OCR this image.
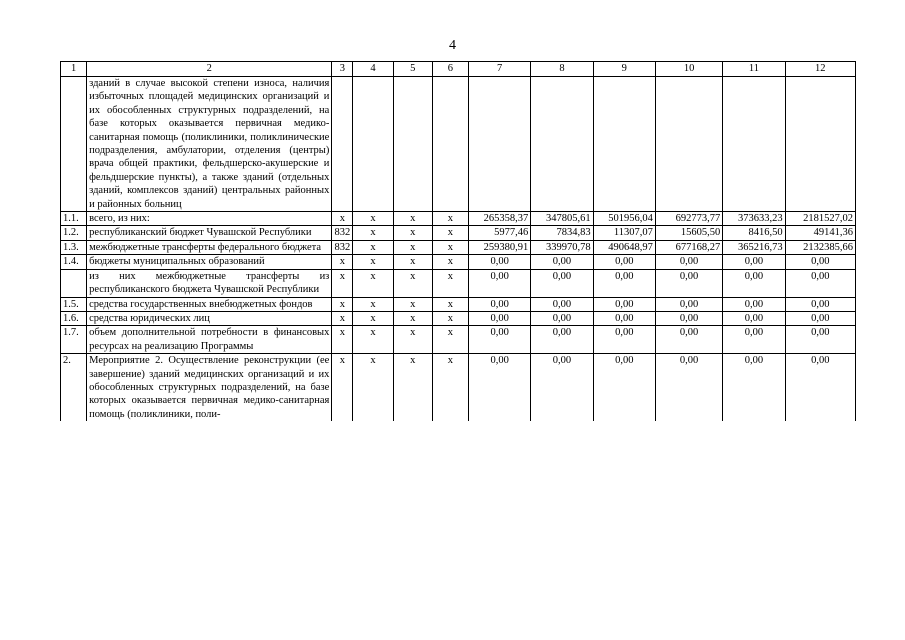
4
1	2	3	4	5	6	7	8	9	10	11	12
	зданий в случае высокой степени износа, наличия избыточных площадей медицинских организаций и их обособленных структурных подразделений, на базе которых оказывается первичная медико-санитарная помощь (поликлиники, поликлинические подразделения, амбулатории, отделения (центры) врача общей практики, фельдшерско-акушерские и фельдшерские пункты), а также зданий (отдельных зданий, комплексов зданий) центральных районных и районных больниц										
1.1.	всего, из них:	х	х	х	х	265358,37	347805,61	501956,04	692773,77	373633,23	2181527,02
1.2.	республиканский бюджет Чувашской Республики	832	х	х	х	5977,46	7834,83	11307,07	15605,50	8416,50	49141,36
1.3.	межбюджетные трансферты федерального бюджета	832	х	х	х	259380,91	339970,78	490648,97	677168,27	365216,73	2132385,66
1.4.	бюджеты муниципальных образований	х	х	х	х	0,00	0,00	0,00	0,00	0,00	0,00
	из них межбюджетные трансферты из республиканского бюджета Чувашской Республики	х	х	х	х	0,00	0,00	0,00	0,00	0,00	0,00
1.5.	средства государственных внебюджетных фондов	х	х	х	х	0,00	0,00	0,00	0,00	0,00	0,00
1.6.	средства юридических лиц	х	х	х	х	0,00	0,00	0,00	0,00	0,00	0,00
1.7.	объем дополнительной потребности в финансовых ресурсах на реализацию Программы	х	х	х	х	0,00	0,00	0,00	0,00	0,00	0,00
2.	Мероприятие 2. Осуществление реконструкции (ее завершение) зданий медицинских организаций и их обособленных структурных подразделений, на базе которых оказывается первичная медико-санитарная помощь (поликлиники, поли-	х	х	х	х	0,00	0,00	0,00	0,00	0,00	0,00
